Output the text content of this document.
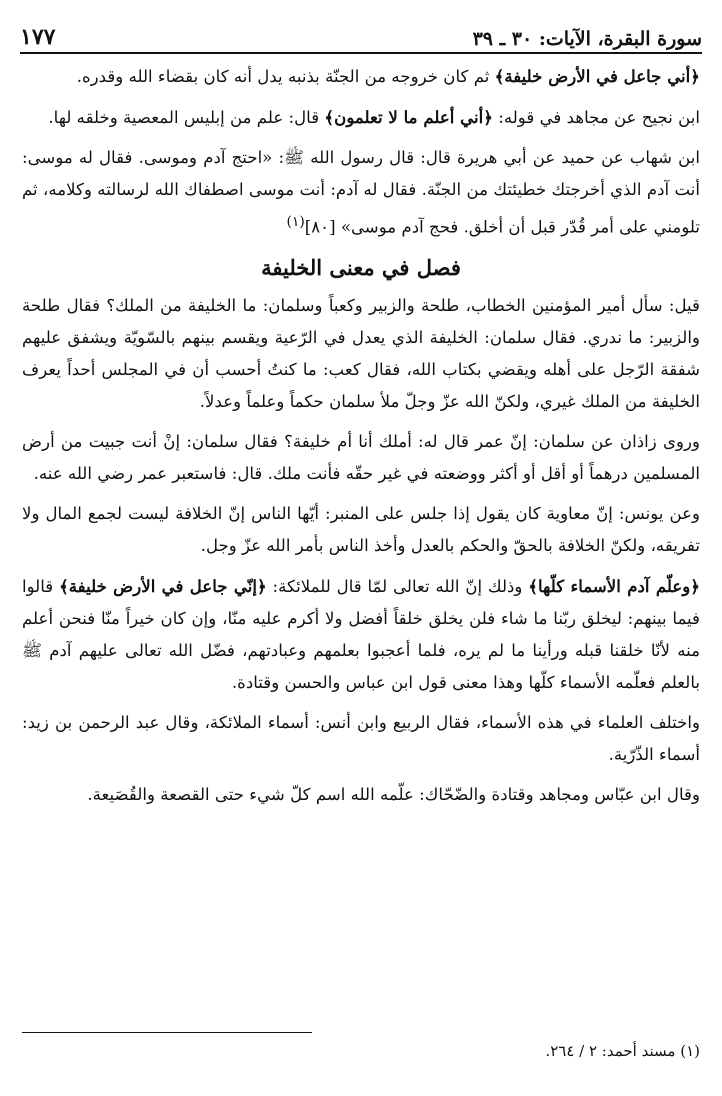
سورة البقرة، الآيات: ٣٠ ـ ٣٩
١٧٧

﴿أني جاعل في الأرض خليفة﴾ ثم كان خروجه من الجنّة بذنبه يدل أنه كان بقضاء الله وقدره.

ابن نجيح عن مجاهد في قوله: ﴿أني أعلم ما لا تعلمون﴾ قال: علم من إبليس المعصية وخلقه لها.

ابن شهاب عن حميد عن أبي هريرة قال: قال رسول الله ﷺ: «احتج آدم وموسى. فقال له موسى: أنت آدم الذي أخرجتك خطيئتك من الجنّة. فقال له آدم: أنت موسى اصطفاك الله لرسالته وكلامه، ثم تلومني على أمر قُدّر قبل أن أخلق. فحج آدم موسى» [٨٠]$^{(١)}$

فصل في معنى الخليفة

قيل: سأل أمير المؤمنين الخطاب، طلحة والزبير وكعباً وسلمان: ما الخليفة من الملك؟ فقال طلحة والزبير: ما ندري. فقال سلمان: الخليفة الذي يعدل في الرّعية ويقسم بينهم بالسّويّة ويشفق عليهم شفقة الرّجل على أهله ويقضي بكتاب الله، فقال كعب: ما كنتُ أحسب أن في المجلس أحداً يعرف الخليفة من الملك غيري، ولكنّ الله عزّ وجلّ ملأ سلمان حكماً وعلماً وعدلاً.

وروى زاذان عن سلمان: إنّ عمر قال له: أملك أنا أم خليفة؟ فقال سلمان: إنْ أنت جبيت من أرض المسلمين درهماً أو أقل أو أكثر ووضعته في غير حقّه فأنت ملك. قال: فاستعبر عمر رضي الله عنه.

وعن يونس: إنّ معاوية كان يقول إذا جلس على المنبر: أيّها الناس إنّ الخلافة ليست لجمع المال ولا تفريقه، ولكنّ الخلافة بالحقّ والحكم بالعدل وأخذ الناس بأمر الله عزّ وجل.

﴿وعلّم آدم الأسماء كلّها﴾ وذلك إنّ الله تعالى لمّا قال للملائكة: ﴿إنّي جاعل في الأرض خليفة﴾ قالوا فيما بينهم: ليخلق ربّنا ما شاء فلن يخلق خلقاً أفضل ولا أكرم عليه منّا، وإن كان خيراً منّا فنحن أعلم منه لأنّا خلقنا قبله ورأينا ما لم يره، فلما أعجبوا بعلمهم وعبادتهم، فضّل الله تعالى عليهم آدم ﷺ بالعلم فعلّمه الأسماء كلّها وهذا معنى قول ابن عباس والحسن وقتادة.

واختلف العلماء في هذه الأسماء، فقال الربيع وابن أنس: أسماء الملائكة، وقال عبد الرحمن بن زيد: أسماء الذّرّية.

وقال ابن عبّاس ومجاهد وقتادة والضّحّاك: علّمه الله اسم كلّ شيء حتى القصعة والقُصَيعة.

(١) مسند أحمد: ٢ / ٢٦٤.
